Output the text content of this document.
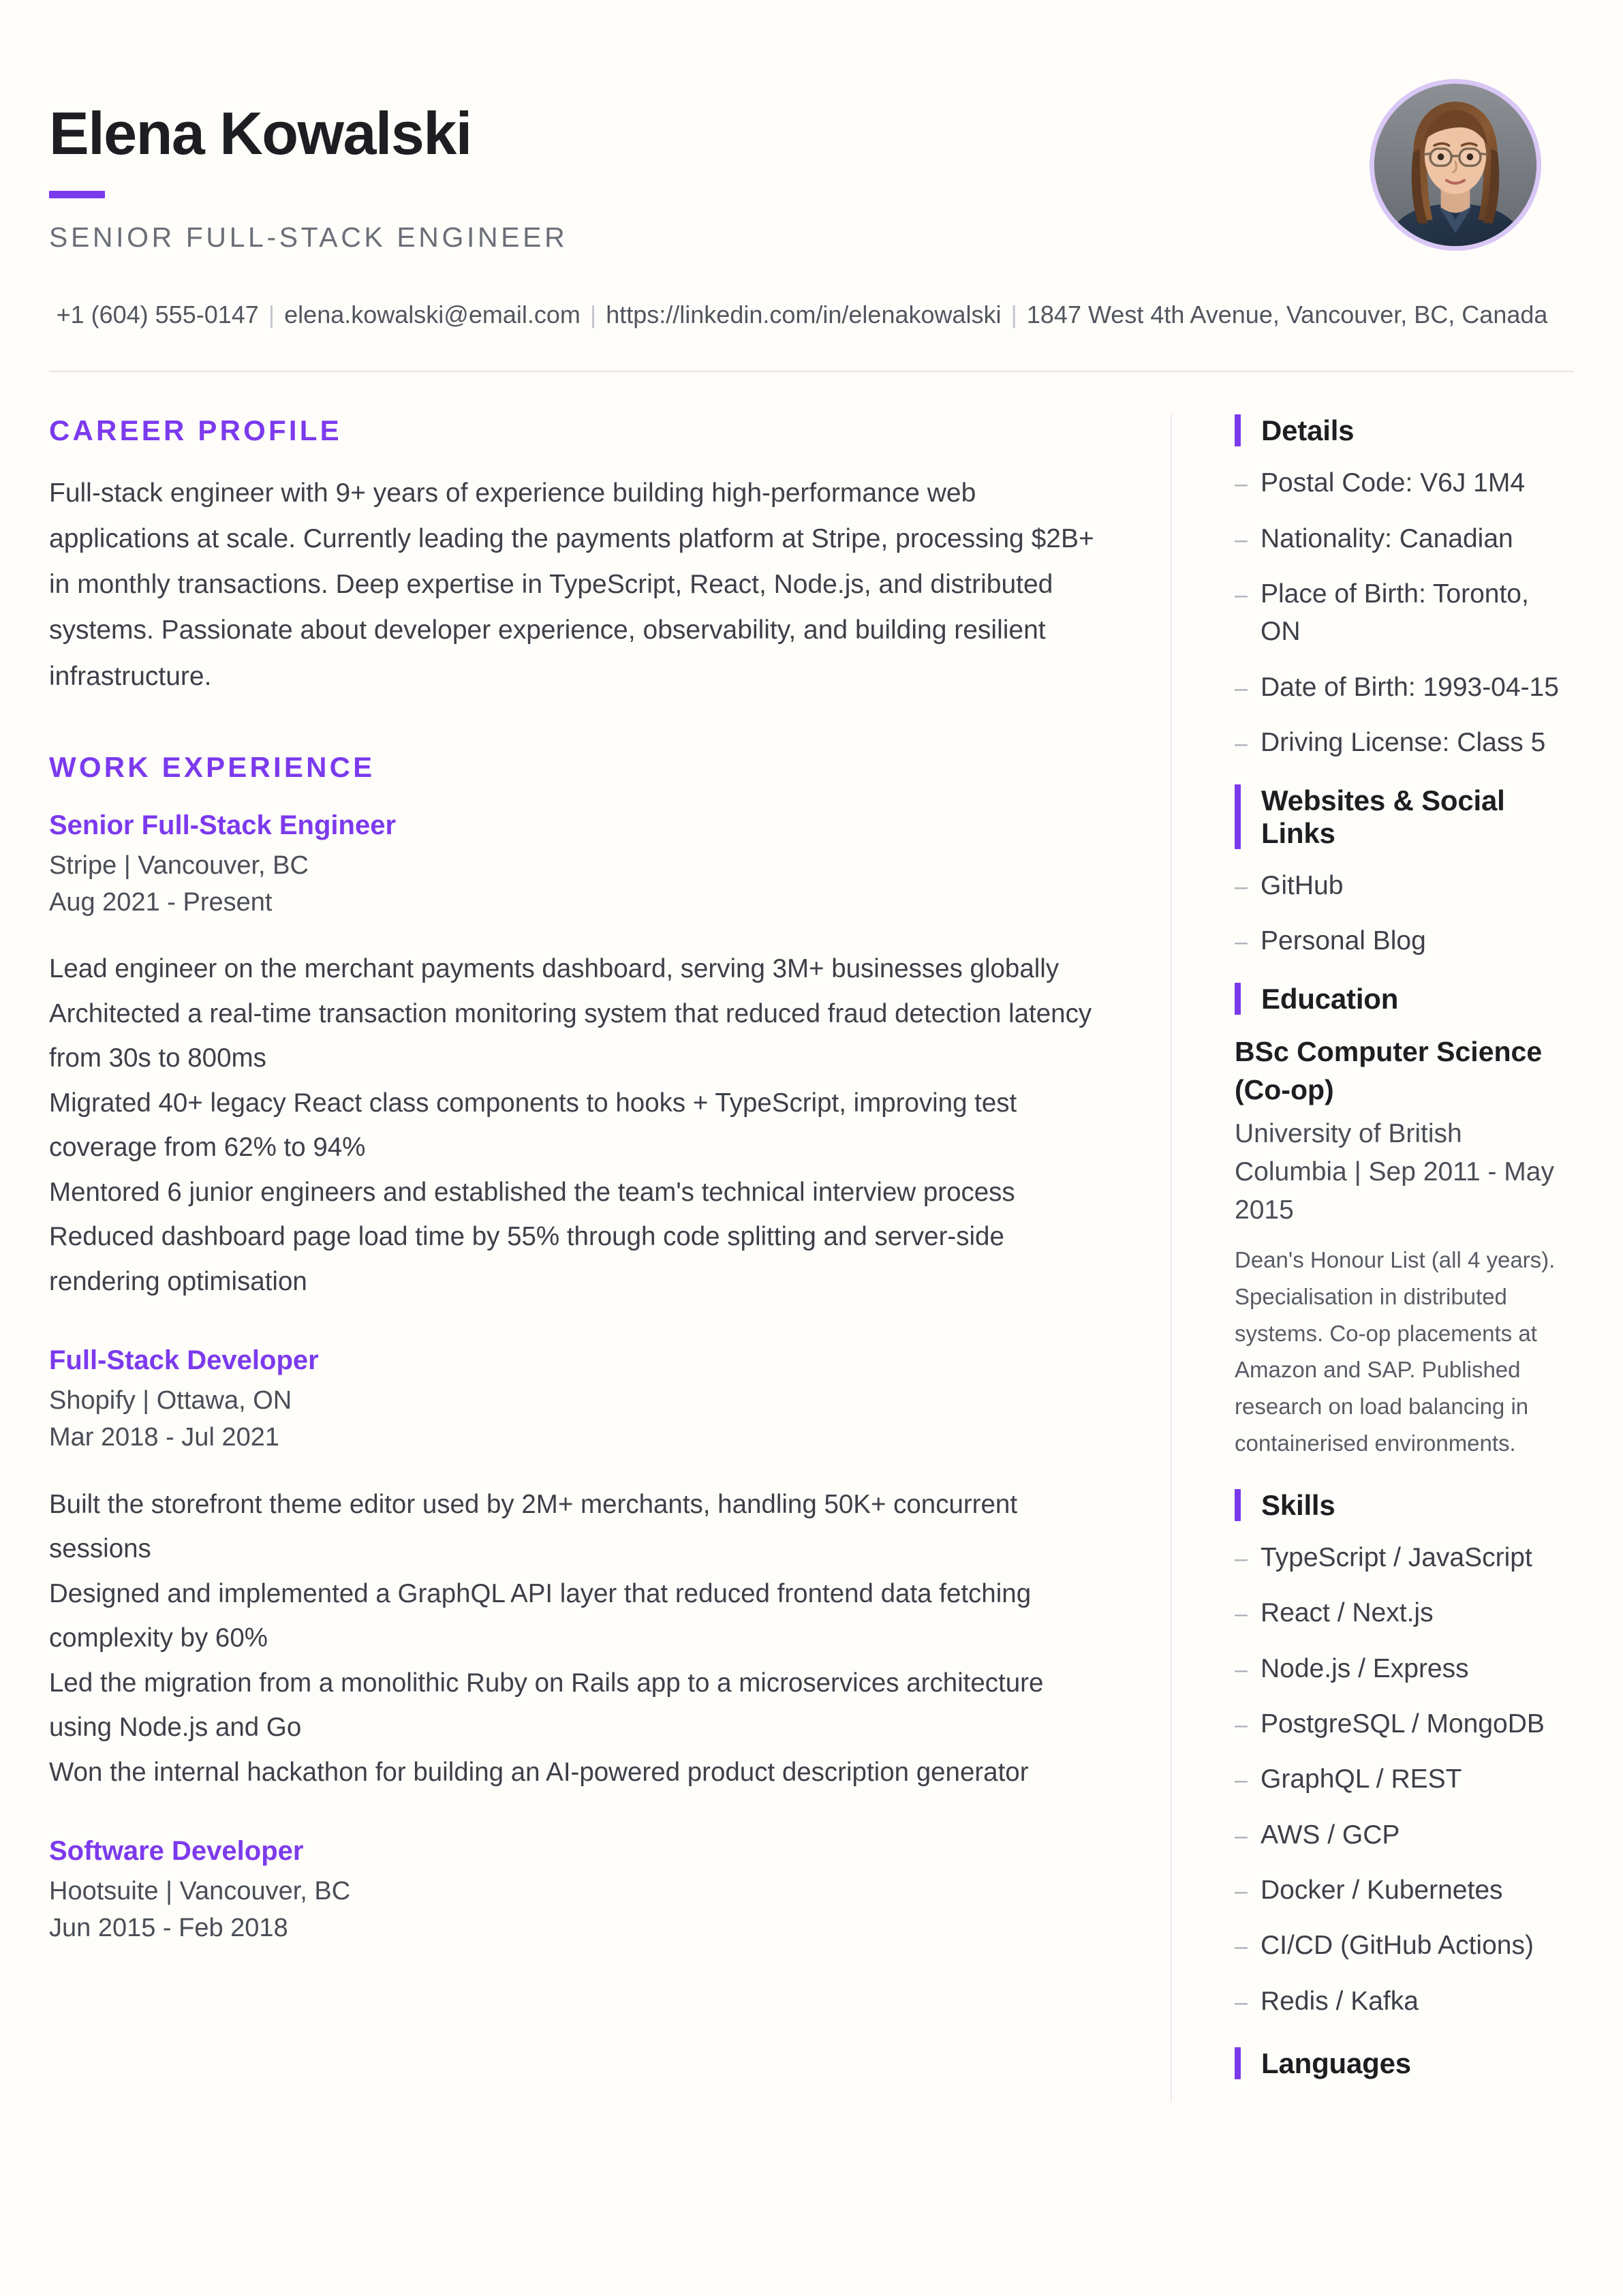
Elena Kowalski
SENIOR FULL-STACK ENGINEER
+1 (604) 555-0147 | elena.kowalski@email.com | https://linkedin.com/in/elenakowalski | 1847 West 4th Avenue, Vancouver, BC, Canada
CAREER PROFILE
Full-stack engineer with 9+ years of experience building high-performance web applications at scale. Currently leading the payments platform at Stripe, processing $2B+ in monthly transactions. Deep expertise in TypeScript, React, Node.js, and distributed systems. Passionate about developer experience, observability, and building resilient infrastructure.
WORK EXPERIENCE
Senior Full-Stack Engineer
Stripe | Vancouver, BC
Aug 2021 - Present
Lead engineer on the merchant payments dashboard, serving 3M+ businesses globally
Architected a real-time transaction monitoring system that reduced fraud detection latency from 30s to 800ms
Migrated 40+ legacy React class components to hooks + TypeScript, improving test coverage from 62% to 94%
Mentored 6 junior engineers and established the team's technical interview process
Reduced dashboard page load time by 55% through code splitting and server-side rendering optimisation
Full-Stack Developer
Shopify | Ottawa, ON
Mar 2018 - Jul 2021
Built the storefront theme editor used by 2M+ merchants, handling 50K+ concurrent sessions
Designed and implemented a GraphQL API layer that reduced frontend data fetching complexity by 60%
Led the migration from a monolithic Ruby on Rails app to a microservices architecture using Node.js and Go
Won the internal hackathon for building an AI-powered product description generator
Software Developer
Hootsuite | Vancouver, BC
Jun 2015 - Feb 2018
Details
– Postal Code: V6J 1M4
– Nationality: Canadian
– Place of Birth: Toronto, ON
– Date of Birth: 1993-04-15
– Driving License: Class 5
Websites & Social Links
– GitHub
– Personal Blog
Education
BSc Computer Science (Co-op)
University of British Columbia | Sep 2011 - May 2015
Dean's Honour List (all 4 years). Specialisation in distributed systems. Co-op placements at Amazon and SAP. Published research on load balancing in containerised environments.
Skills
– TypeScript / JavaScript
– React / Next.js
– Node.js / Express
– PostgreSQL / MongoDB
– GraphQL / REST
– AWS / GCP
– Docker / Kubernetes
– CI/CD (GitHub Actions)
– Redis / Kafka
Languages
